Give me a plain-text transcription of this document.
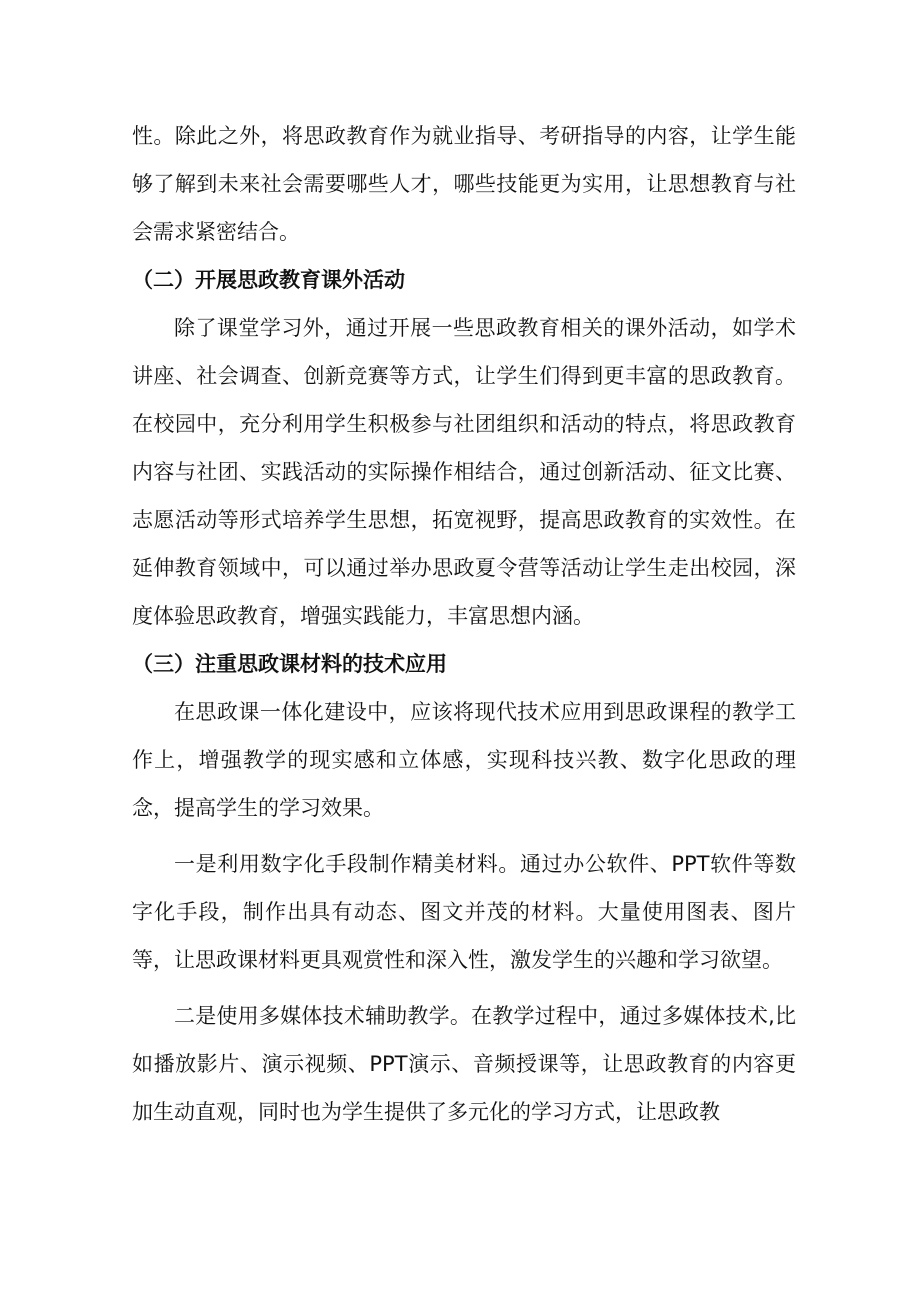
性。除此之外，将思政教育作为就业指导、考研指导的内容，让学生能够了解到未来社会需要哪些人才，哪些技能更为实用，让思想教育与社会需求紧密结合。

（二）开展思政教育课外活动

除了课堂学习外，通过开展一些思政教育相关的课外活动，如学术讲座、社会调查、创新竞赛等方式，让学生们得到更丰富的思政教育。在校园中，充分利用学生积极参与社团组织和活动的特点，将思政教育内容与社团、实践活动的实际操作相结合，通过创新活动、征文比赛、志愿活动等形式培养学生思想，拓宽视野，提高思政教育的实效性。在延伸教育领域中，可以通过举办思政夏令营等活动让学生走出校园，深度体验思政教育，增强实践能力，丰富思想内涵。

（三）注重思政课材料的技术应用

在思政课一体化建设中，应该将现代技术应用到思政课程的教学工作上，增强教学的现实感和立体感，实现科技兴教、数字化思政的理念，提高学生的学习效果。

一是利用数字化手段制作精美材料。通过办公软件、PPT软件等数字化手段，制作出具有动态、图文并茂的材料。大量使用图表、图片等，让思政课材料更具观赏性和深入性，激发学生的兴趣和学习欲望。

二是使用多媒体技术辅助教学。在教学过程中，通过多媒体技术,比如播放影片、演示视频、PPT演示、音频授课等，让思政教育的内容更加生动直观，同时也为学生提供了多元化的学习方式，让思政教
